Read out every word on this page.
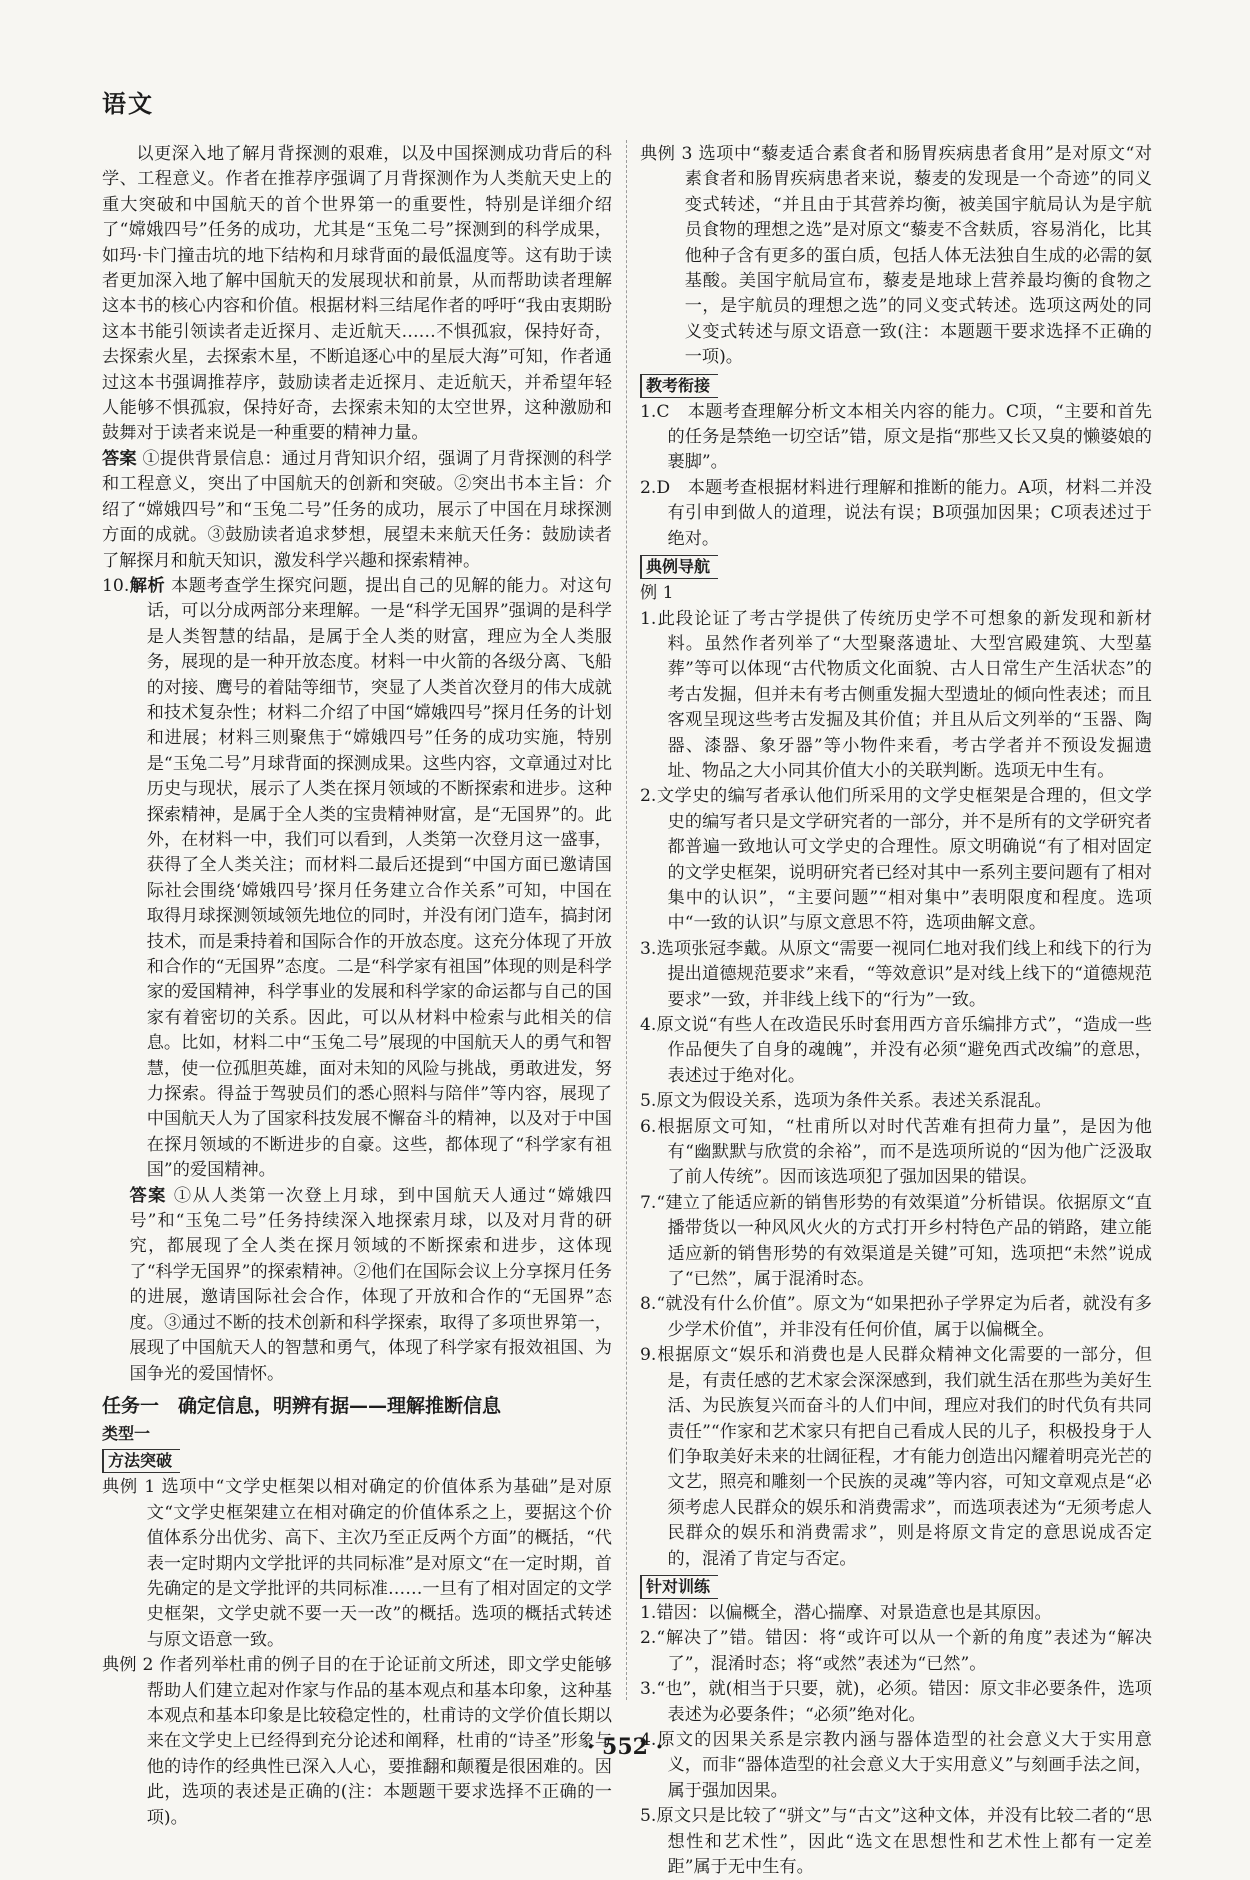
语文

以更深入地了解月背探测的艰难，以及中国探测成功背后的科学、工程意义。作者在推荐序强调了月背探测作为人类航天史上的重大突破和中国航天的首个世界第一的重要性，特别是详细介绍了“嫦娥四号”任务的成功，尤其是“玉兔二号”探测到的科学成果，如玛·卡门撞击坑的地下结构和月球背面的最低温度等。这有助于读者更加深入地了解中国航天的发展现状和前景，从而帮助读者理解这本书的核心内容和价值。根据材料三结尾作者的呼吁“我由衷期盼这本书能引领读者走近探月、走近航天……不惧孤寂，保持好奇，去探索火星，去探索木星，不断追逐心中的星辰大海”可知，作者通过这本书强调推荐序，鼓励读者走近探月、走近航天，并希望年轻人能够不惧孤寂，保持好奇，去探索未知的太空世界，这种激励和鼓舞对于读者来说是一种重要的精神力量。

答案 ①提供背景信息：通过月背知识介绍，强调了月背探测的科学和工程意义，突出了中国航天的创新和突破。②突出书本主旨：介绍了“嫦娥四号”和“玉兔二号”任务的成功，展示了中国在月球探测方面的成就。③鼓励读者追求梦想，展望未来航天任务：鼓励读者了解探月和航天知识，激发科学兴趣和探索精神。

10.解析 本题考查学生探究问题，提出自己的见解的能力。对这句话，可以分成两部分来理解。一是“科学无国界”强调的是科学是人类智慧的结晶，是属于全人类的财富，理应为全人类服务，展现的是一种开放态度。材料一中火箭的各级分离、飞船的对接、鹰号的着陆等细节，突显了人类首次登月的伟大成就和技术复杂性；材料二介绍了中国“嫦娥四号”探月任务的计划和进展；材料三则聚焦于“嫦娥四号”任务的成功实施，特别是“玉兔二号”月球背面的探测成果。这些内容，文章通过对比历史与现状，展示了人类在探月领域的不断探索和进步。这种探索精神，是属于全人类的宝贵精神财富，是“无国界”的。此外，在材料一中，我们可以看到，人类第一次登月这一盛事，获得了全人类关注；而材料二最后还提到“中国方面已邀请国际社会围绕‘嫦娥四号’探月任务建立合作关系”可知，中国在取得月球探测领域领先地位的同时，并没有闭门造车，搞封闭技术，而是秉持着和国际合作的开放态度。这充分体现了开放和合作的“无国界”态度。二是“科学家有祖国”体现的则是科学家的爱国精神，科学事业的发展和科学家的命运都与自己的国家有着密切的关系。因此，可以从材料中检索与此相关的信息。比如，材料二中“玉兔二号”展现的中国航天人的勇气和智慧，使一位孤胆英雄，面对未知的风险与挑战，勇敢进发，努力探索。得益于驾驶员们的悉心照料与陪伴”等内容，展现了中国航天人为了国家科技发展不懈奋斗的精神，以及对于中国在探月领域的不断进步的自豪。这些，都体现了“科学家有祖国”的爱国精神。

答案 ①从人类第一次登上月球，到中国航天人通过“嫦娥四号”和“玉兔二号”任务持续深入地探索月球，以及对月背的研究，都展现了全人类在探月领域的不断探索和进步，这体现了“科学无国界”的探索精神。②他们在国际会议上分享探月任务的进展，邀请国际社会合作，体现了开放和合作的“无国界”态度。③通过不断的技术创新和科学探索，取得了多项世界第一，展现了中国航天人的智慧和勇气，体现了科学家有报效祖国、为国争光的爱国情怀。

任务一　确定信息，明辨有据——理解推断信息
类型一
方法突破

典例 1 选项中“文学史框架以相对确定的价值体系为基础”是对原文“文学史框架建立在相对确定的价值体系之上，要据这个价值体系分出优劣、高下、主次乃至正反两个方面”的概括，“代表一定时期内文学批评的共同标准”是对原文“在一定时期，首先确定的是文学批评的共同标准……一旦有了相对固定的文学史框架，文学史就不要一天一改”的概括。选项的概括式转述与原文语意一致。

典例 2 作者列举杜甫的例子目的在于论证前文所述，即文学史能够帮助人们建立起对作家与作品的基本观点和基本印象，这种基本观点和基本印象是比较稳定性的，杜甫诗的文学价值长期以来在文学史上已经得到充分论述和阐释，杜甫的“诗圣”形象与他的诗作的经典性已深入人心，要推翻和颠覆是很困难的。因此，选项的表述是正确的(注：本题题干要求选择不正确的一项)。

典例 3 选项中“藜麦适合素食者和肠胃疾病患者食用”是对原文“对素食者和肠胃疾病患者来说，藜麦的发现是一个奇迹”的同义变式转述，“并且由于其营养均衡，被美国宇航局认为是宇航员食物的理想之选”是对原文“藜麦不含麸质，容易消化，比其他种子含有更多的蛋白质，包括人体无法独自生成的必需的氨基酸。美国宇航局宣布，藜麦是地球上营养最均衡的食物之一，是宇航员的理想之选”的同义变式转述。选项这两处的同义变式转述与原文语意一致(注：本题题干要求选择不正确的一项)。

教考衔接

1.C　本题考查理解分析文本相关内容的能力。C项，“主要和首先的任务是禁绝一切空话”错，原文是指“那些又长又臭的懒婆娘的裹脚”。

2.D　本题考查根据材料进行理解和推断的能力。A项，材料二并没有引申到做人的道理，说法有误；B项强加因果；C项表述过于绝对。

典例导航
例 1

1.此段论证了考古学提供了传统历史学不可想象的新发现和新材料。虽然作者列举了“大型聚落遗址、大型宫殿建筑、大型墓葬”等可以体现“古代物质文化面貌、古人日常生产生活状态”的考古发掘，但并未有考古侧重发掘大型遗址的倾向性表述；而且客观呈现这些考古发掘及其价值；并且从后文列举的“玉器、陶器、漆器、象牙器”等小物件来看，考古学者并不预设发掘遗址、物品之大小同其价值大小的关联判断。选项无中生有。

2.文学史的编写者承认他们所采用的文学史框架是合理的，但文学史的编写者只是文学研究者的一部分，并不是所有的文学研究者都普遍一致地认可文学史的合理性。原文明确说“有了相对固定的文学史框架，说明研究者已经对其中一系列主要问题有了相对集中的认识”，“主要问题”“相对集中”表明限度和程度。选项中“一致的认识”与原文意思不符，选项曲解文意。

3.选项张冠李戴。从原文“需要一视同仁地对我们线上和线下的行为提出道德规范要求”来看，“等效意识”是对线上线下的“道德规范要求”一致，并非线上线下的“行为”一致。

4.原文说“有些人在改造民乐时套用西方音乐编排方式”，“造成一些作品便失了自身的魂魄”，并没有必须“避免西式改编”的意思，表述过于绝对化。

5.原文为假设关系，选项为条件关系。表述关系混乱。

6.根据原文可知，“杜甫所以对时代苦难有担荷力量”，是因为他有“幽默默与欣赏的余裕”，而不是选项所说的“因为他广泛汲取了前人传统”。因而该选项犯了强加因果的错误。

7.“建立了能适应新的销售形势的有效渠道”分析错误。依据原文“直播带货以一种风风火火的方式打开乡村特色产品的销路，建立能适应新的销售形势的有效渠道是关键”可知，选项把“未然”说成了“已然”，属于混淆时态。

8.“就没有什么价值”。原文为“如果把孙子学界定为后者，就没有多少学术价值”，并非没有任何价值，属于以偏概全。

9.根据原文“娱乐和消费也是人民群众精神文化需要的一部分，但是，有责任感的艺术家会深深感到，我们就生活在那些为美好生活、为民族复兴而奋斗的人们中间，理应对我们的时代负有共同责任”“作家和艺术家只有把自己看成人民的儿子，积极投身于人们争取美好未来的壮阔征程，才有能力创造出闪耀着明亮光芒的文艺，照亮和雕刻一个民族的灵魂”等内容，可知文章观点是“必须考虑人民群众的娱乐和消费需求”，而选项表述为“无须考虑人民群众的娱乐和消费需求”，则是将原文肯定的意思说成否定的，混淆了肯定与否定。

针对训练

1.错因：以偏概全，潜心揣摩、对景造意也是其原因。

2.“解决了”错。错因：将“或许可以从一个新的角度”表述为“解决了”，混淆时态；将“或然”表述为“已然”。

3.“也”，就(相当于只要，就)，必须。错因：原文非必要条件，选项表述为必要条件；“必须”绝对化。

4.原文的因果关系是宗教内涵与器体造型的社会意义大于实用意义，而非“器体造型的社会意义大于实用意义”与刻画手法之间，属于强加因果。

5.原文只是比较了“骈文”与“古文”这种文体，并没有比较二者的“思想性和艺术性”，因此“选文在思想性和艺术性上都有一定差距”属于无中生有。

· 552 ·
